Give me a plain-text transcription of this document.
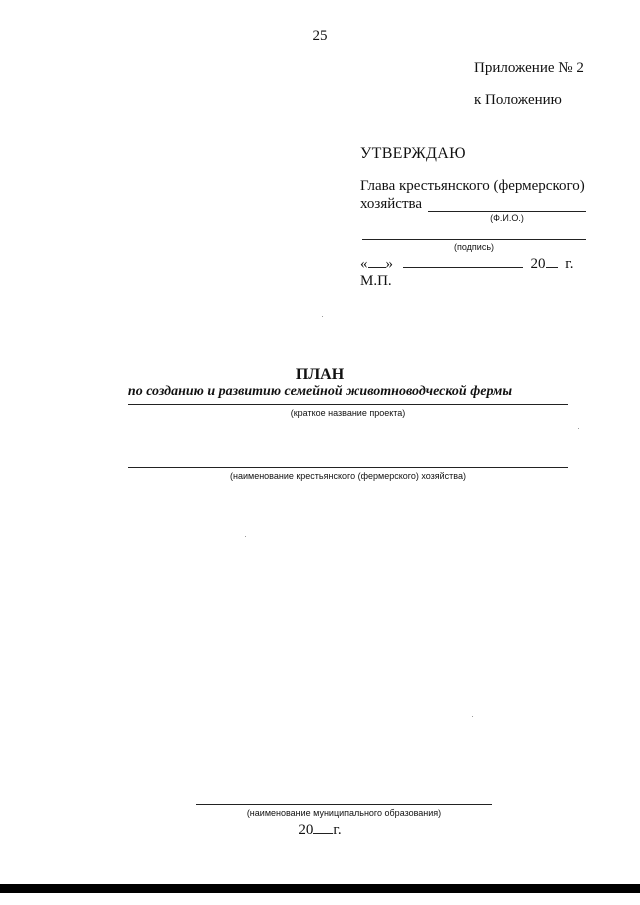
25
Приложение № 2
к Положению
УТВЕРЖДАЮ
Глава крестьянского (фермерского)
хозяйства
(Ф.И.О.)
(подпись)
« »	20 г.
М.П.
ПЛАН
по созданию и развитию семейной животноводческой фермы
(краткое название проекта)
(наименование крестьянского (фермерского) хозяйства)
(наименование муниципального образования)
20 г.
